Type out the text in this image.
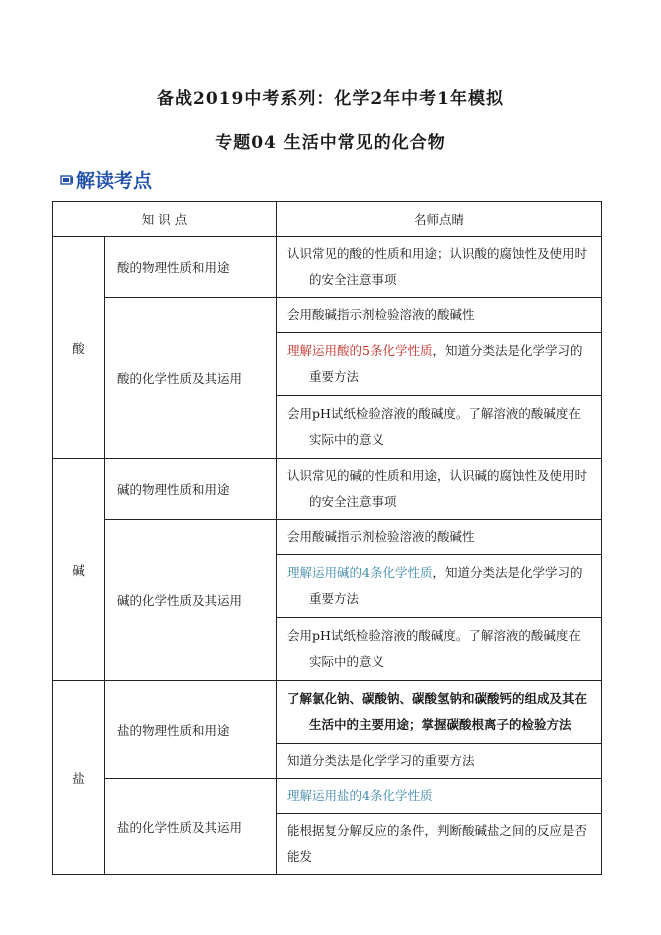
备战2019中考系列：化学2年中考1年模拟
专题04 生活中常见的化合物
解读考点
知 识 点		名师点睛
酸	酸的物理性质和用途	认识常见的酸的性质和用途；认识酸的腐蚀性及使用时的安全注意事项

	酸的化学性质及其运用	会用酸碱指示剂检验溶液的酸碱性

		理解运用酸的5条化学性质，知道分类法是化学学习的重要方法

		会用pH试纸检验溶液的酸碱度。了解溶液的酸碱度在实际中的意义

碱	碱的物理性质和用途	认识常见的碱的性质和用途，认识碱的腐蚀性及使用时的安全注意事项

	碱的化学性质及其运用	会用酸碱指示剂检验溶液的酸碱性

		理解运用碱的4条化学性质，知道分类法是化学学习的重要方法

		会用pH试纸检验溶液的酸碱度。了解溶液的酸碱度在实际中的意义

盐	盐的物理性质和用途	了解氯化钠、碳酸钠、碳酸氢钠和碳酸钙的组成及其在生活中的主要用途；掌握碳酸根离子的检验方法

		知道分类法是化学学习的重要方法
	盐的化学性质及其运用	理解运用盐的4条化学性质
		能根据复分解反应的条件，判断酸碱盐之间的反应是否能发
